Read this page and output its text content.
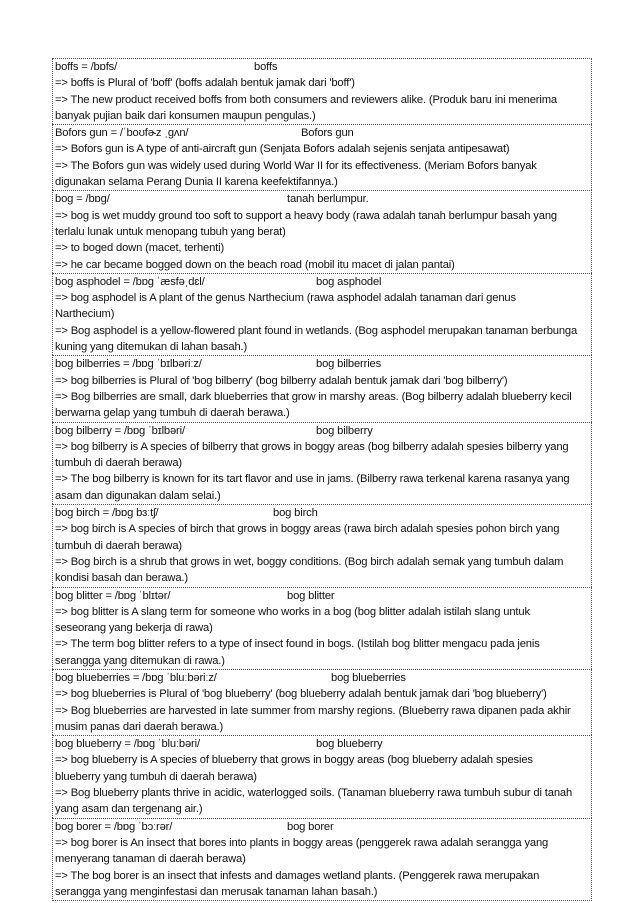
boffs = /bɒfs/	boffs
=> boffs is Plural of 'boff' (boffs adalah bentuk jamak dari 'boff')
=> The new product received boffs from both consumers and reviewers alike. (Produk baru ini menerima
banyak pujian baik dari konsumen maupun pengulas.)
Bofors gun = /ˈboʊfɚz ˌɡʌn/	Bofors gun
=> Bofors gun is A type of anti-aircraft gun (Senjata Bofors adalah sejenis senjata antipesawat)
=> The Bofors gun was widely used during World War II for its effectiveness. (Meriam Bofors banyak
digunakan selama Perang Dunia II karena keefektifannya.)
bog = /bɒɡ/	tanah berlumpur.
=> bog is wet muddy ground too soft to support a heavy body (rawa adalah tanah berlumpur basah yang
terlalu lunak untuk menopang tubuh yang berat)
=> to boged down (macet, terhenti)
=> he car became bogged down on the beach road (mobil itu macet di jalan pantai)
bog asphodel = /bɒɡ ˈæsfəˌdɛl/	bog asphodel
=> bog asphodel is A plant of the genus Narthecium (rawa asphodel adalah tanaman dari genus
Narthecium)
=> Bog asphodel is a yellow-flowered plant found in wetlands. (Bog asphodel merupakan tanaman berbunga
kuning yang ditemukan di lahan basah.)
bog bilberries = /bɒɡ ˈbɪlbəriːz/	bog bilberries
=> bog bilberries is Plural of 'bog bilberry' (bog bilberry adalah bentuk jamak dari 'bog bilberry')
=> Bog bilberries are small, dark blueberries that grow in marshy areas. (Bog bilberry adalah blueberry kecil
berwarna gelap yang tumbuh di daerah berawa.)
bog bilberry = /bɒɡ ˈbɪlbəri/	bog bilberry
=> bog bilberry is A species of bilberry that grows in boggy areas (bog bilberry adalah spesies bilberry yang
tumbuh di daerah berawa)
=> The bog bilberry is known for its tart flavor and use in jams. (Bilberry rawa terkenal karena rasanya yang
asam dan digunakan dalam selai.)
bog birch = /bɒɡ bɜːtʃ/	bog birch
=> bog birch is A species of birch that grows in boggy areas (rawa birch adalah spesies pohon birch yang
tumbuh di daerah berawa)
=> Bog birch is a shrub that grows in wet, boggy conditions. (Bog birch adalah semak yang tumbuh dalam
kondisi basah dan berawa.)
bog blitter = /bɒɡ ˈblɪtər/	bog blitter
=> bog blitter is A slang term for someone who works in a bog (bog blitter adalah istilah slang untuk
seseorang yang bekerja di rawa)
=> The term bog blitter refers to a type of insect found in bogs. (Istilah bog blitter mengacu pada jenis
serangga yang ditemukan di rawa.)
bog blueberries = /bɒɡ ˈbluːbəriːz/	bog blueberries
=> bog blueberries is Plural of 'bog blueberry' (bog blueberry adalah bentuk jamak dari 'bog blueberry')
=> Bog blueberries are harvested in late summer from marshy regions. (Blueberry rawa dipanen pada akhir
musim panas dari daerah berawa.)
bog blueberry = /bɒɡ ˈbluːbəri/	bog blueberry
=> bog blueberry is A species of blueberry that grows in boggy areas (bog blueberry adalah spesies
blueberry yang tumbuh di daerah berawa)
=> Bog blueberry plants thrive in acidic, waterlogged soils. (Tanaman blueberry rawa tumbuh subur di tanah
yang asam dan tergenang air.)
bog borer = /bɒɡ ˈbɔːrər/	bog borer
=> bog borer is An insect that bores into plants in boggy areas (penggerek rawa adalah serangga yang
menyerang tanaman di daerah berawa)
=> The bog borer is an insect that infests and damages wetland plants. (Penggerek rawa merupakan
serangga yang menginfestasi dan merusak tanaman lahan basah.)
